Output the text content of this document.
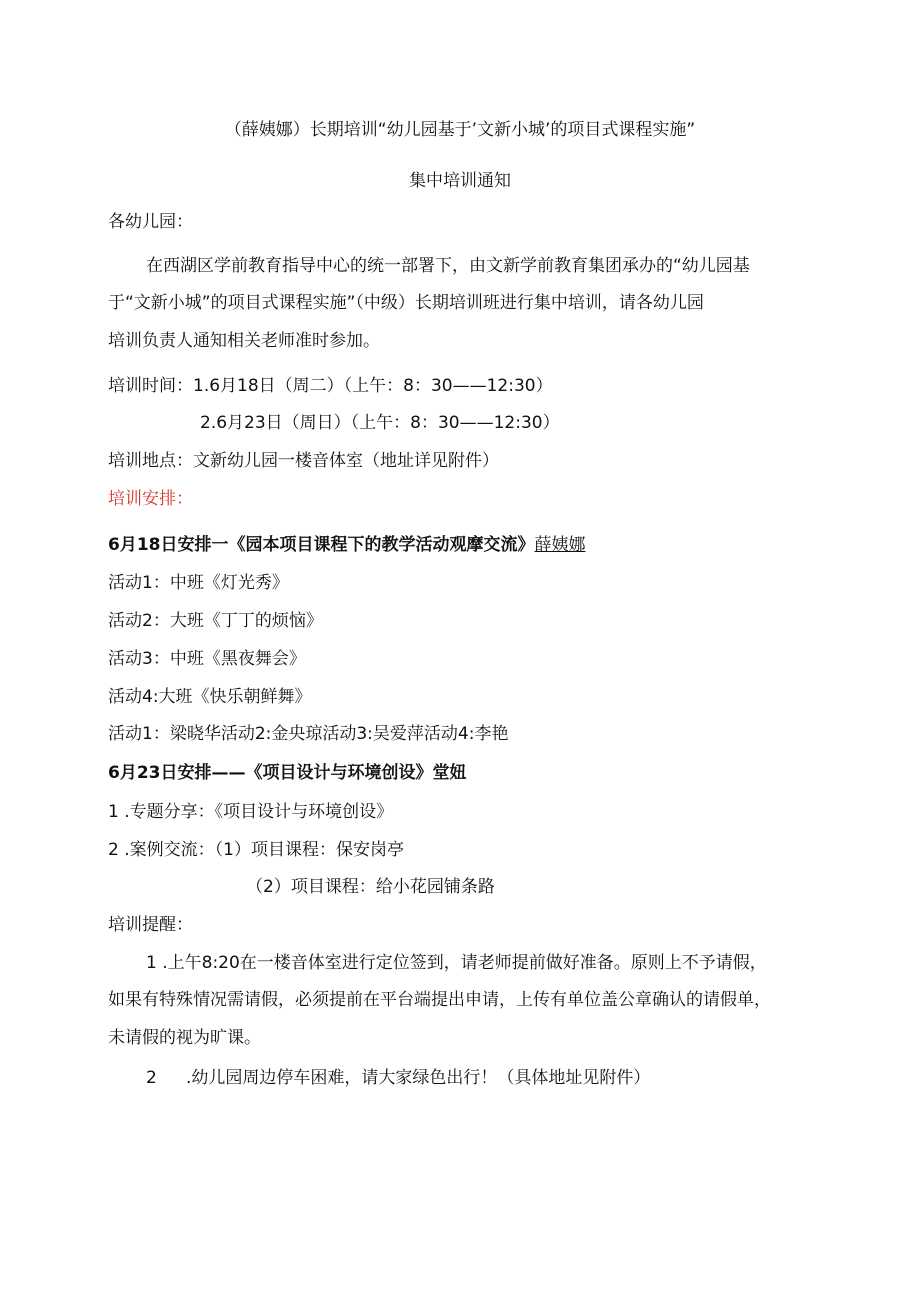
（薛姨娜）长期培训“幼儿园基于’文新小城’的项目式课程实施”
集中培训通知
各幼儿园：
在西湖区学前教育指导中心的统一部署下，由文新学前教育集团承办的“幼儿园基
于“文新小城”的项目式课程实施”（中级）长期培训班进行集中培训，请各幼儿园
培训负责人通知相关老师准时参加。
培训时间：1.6月18日（周二）（上午：8：30——12:30）
2.6月23日（周日）（上午：8：30——12:30）
培训地点：文新幼儿园一楼音体室（地址详见附件）
培训安排：
6月18日安排一《园本项目课程下的教学活动观摩交流》薛姨娜
活动1：中班《灯光秀》
活动2：大班《丁丁的烦恼》
活动3：中班《黑夜舞会》
活动4:大班《快乐朝鲜舞》
活动1：梁晓华活动2:金央琼活动3:吴爱萍活动4:李艳
6月23日安排——《项目设计与环境创设》堂妞
1 .专题分享：《项目设计与环境创设》
2 .案例交流：（1）项目课程：保安岗亭
（2）项目课程：给小花园铺条路
培训提醒：
1 .上午8:20在一楼音体室进行定位签到，请老师提前做好准备。原则上不予请假，
如果有特殊情况需请假，必须提前在平台端提出申请，上传有单位盖公章确认的请假单，
未请假的视为旷课。
2 .幼儿园周边停车困难，请大家绿色出行！（具体地址见附件）
